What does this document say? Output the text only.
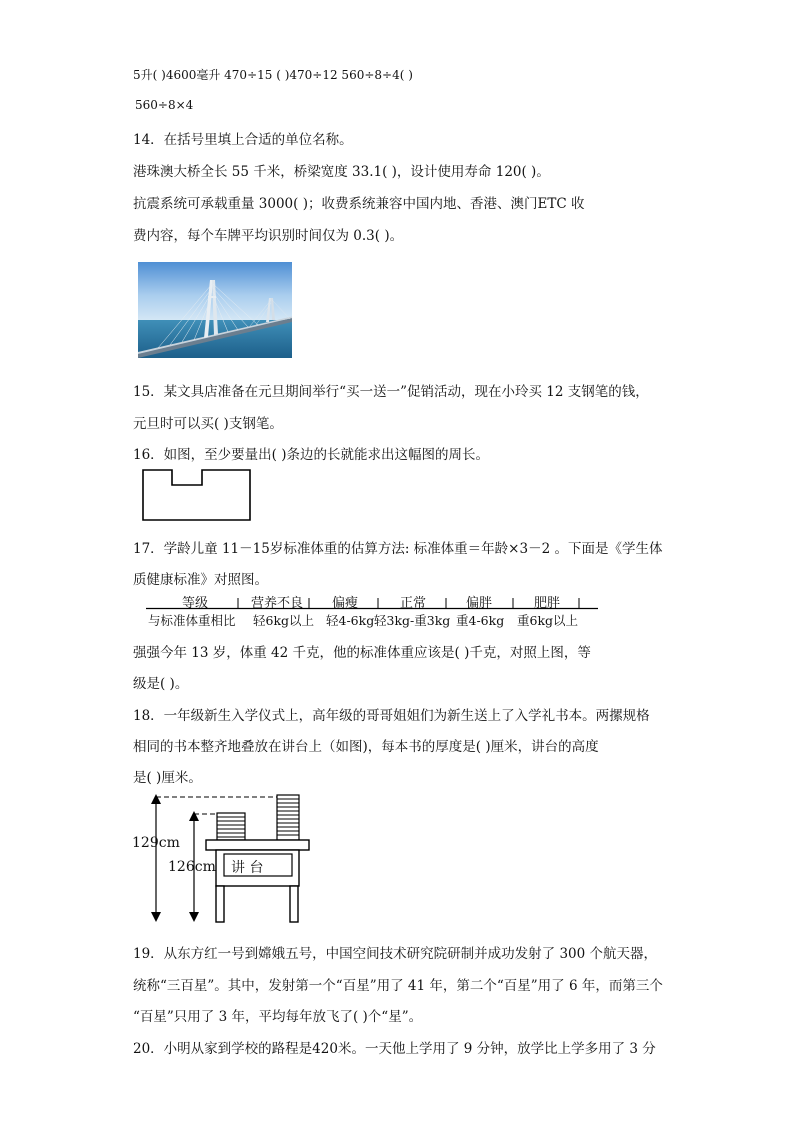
5升( )4600毫升 470÷15 ( )470÷12 560÷8÷4( )
560÷8×4
14．在括号里填上合适的单位名称。
港珠澳大桥全长 55 千米，桥梁宽度 33.1( )，设计使用寿命 120( )。
抗震系统可承载重量 3000( )；收费系统兼容中国内地、香港、澳门ETC 收
费内容，每个车牌平均识别时间仅为 0.3( )。
15．某文具店准备在元旦期间举行“买一送一”促销活动，现在小玲买 12 支钢笔的钱，
元旦时可以买( )支钢笔。
16．如图，至少要量出( )条边的长就能求出这幅图的周长。
17．学龄儿童 11－15岁标准体重的估算方法: 标准体重＝年龄×3－2 。下面是《学生体
质健康标准》对照图。
等级	营养不良 偏瘦	正常	偏胖	肥胖
与标准体重相比 轻6kg以上 轻4-6kg 轻3kg-重3kg 重4-6kg 重6kg以上
强强今年 13 岁，体重 42 千克，他的标准体重应该是( )千克，对照上图，等
级是( )。
18．一年级新生入学仪式上，高年级的哥哥姐姐们为新生送上了入学礼书本。两摞规格
相同的书本整齐地叠放在讲台上（如图)，每本书的厚度是( )厘米，讲台的高度
是( )厘米。
129cm
126cm 讲 台
19．从东方红一号到嫦娥五号，中国空间技术研究院研制并成功发射了 300 个航天器，
统称“三百星”。其中，发射第一个“百星”用了 41 年，第二个“百星”用了 6 年，而第三个
“百星”只用了 3 年，平均每年放飞了( )个“星”。
20．小明从家到学校的路程是420米。一天他上学用了 9 分钟，放学比上学多用了 3 分
